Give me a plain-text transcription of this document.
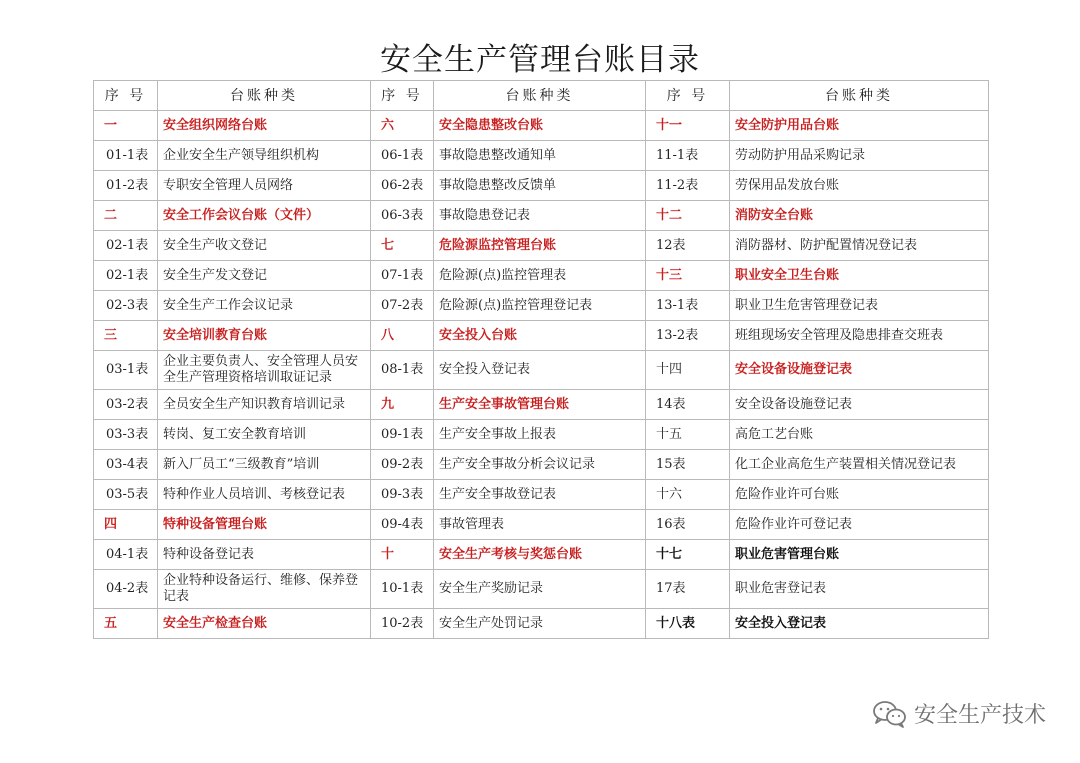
安全生产管理台账目录
序 号	台账种类	序 号	台账种类	序 号	台账种类
一	安全组织网络台账	六	安全隐患整改台账	十一	安全防护用品台账
01-1表	企业安全生产领导组织机构	06-1表	事故隐患整改通知单	11-1表	劳动防护用品采购记录
01-2表	专职安全管理人员网络	06-2表	事故隐患整改反馈单	11-2表	劳保用品发放台账
二	安全工作会议台账（文件）	06-3表	事故隐患登记表	十二	消防安全台账
02-1表	安全生产收文登记	七	危险源监控管理台账	12表	消防器材、防护配置情况登记表
02-1表	安全生产发文登记	07-1表	危险源(点)监控管理表	十三	职业安全卫生台账
02-3表	安全生产工作会议记录	07-2表	危险源(点)监控管理登记表	13-1表	职业卫生危害管理登记表
三	安全培训教育台账	八	安全投入台账	13-2表	班组现场安全管理及隐患排查交班表
03-1表	企业主要负责人、安全管理人员安全生产管理资格培训取证记录	08-1表	安全投入登记表	十四	安全设备设施登记表
03-2表	全员安全生产知识教育培训记录	九	生产安全事故管理台账	14表	安全设备设施登记表
03-3表	转岗、复工安全教育培训	09-1表	生产安全事故上报表	十五	高危工艺台账
03-4表	新入厂员工“三级教育”培训	09-2表	生产安全事故分析会议记录	15表	化工企业高危生产装置相关情况登记表
03-5表	特种作业人员培训、考核登记表	09-3表	生产安全事故登记表	十六	危险作业许可台账
四	特种设备管理台账	09-4表	事故管理表	16表	危险作业许可登记表
04-1表	特种设备登记表	十	安全生产考核与奖惩台账	十七	职业危害管理台账
04-2表	企业特种设备运行、维修、保养登记表	10-1表	安全生产奖励记录	17表	职业危害登记表
五	安全生产检查台账	10-2表	安全生产处罚记录	十八表	安全投入登记表
安全生产技术
